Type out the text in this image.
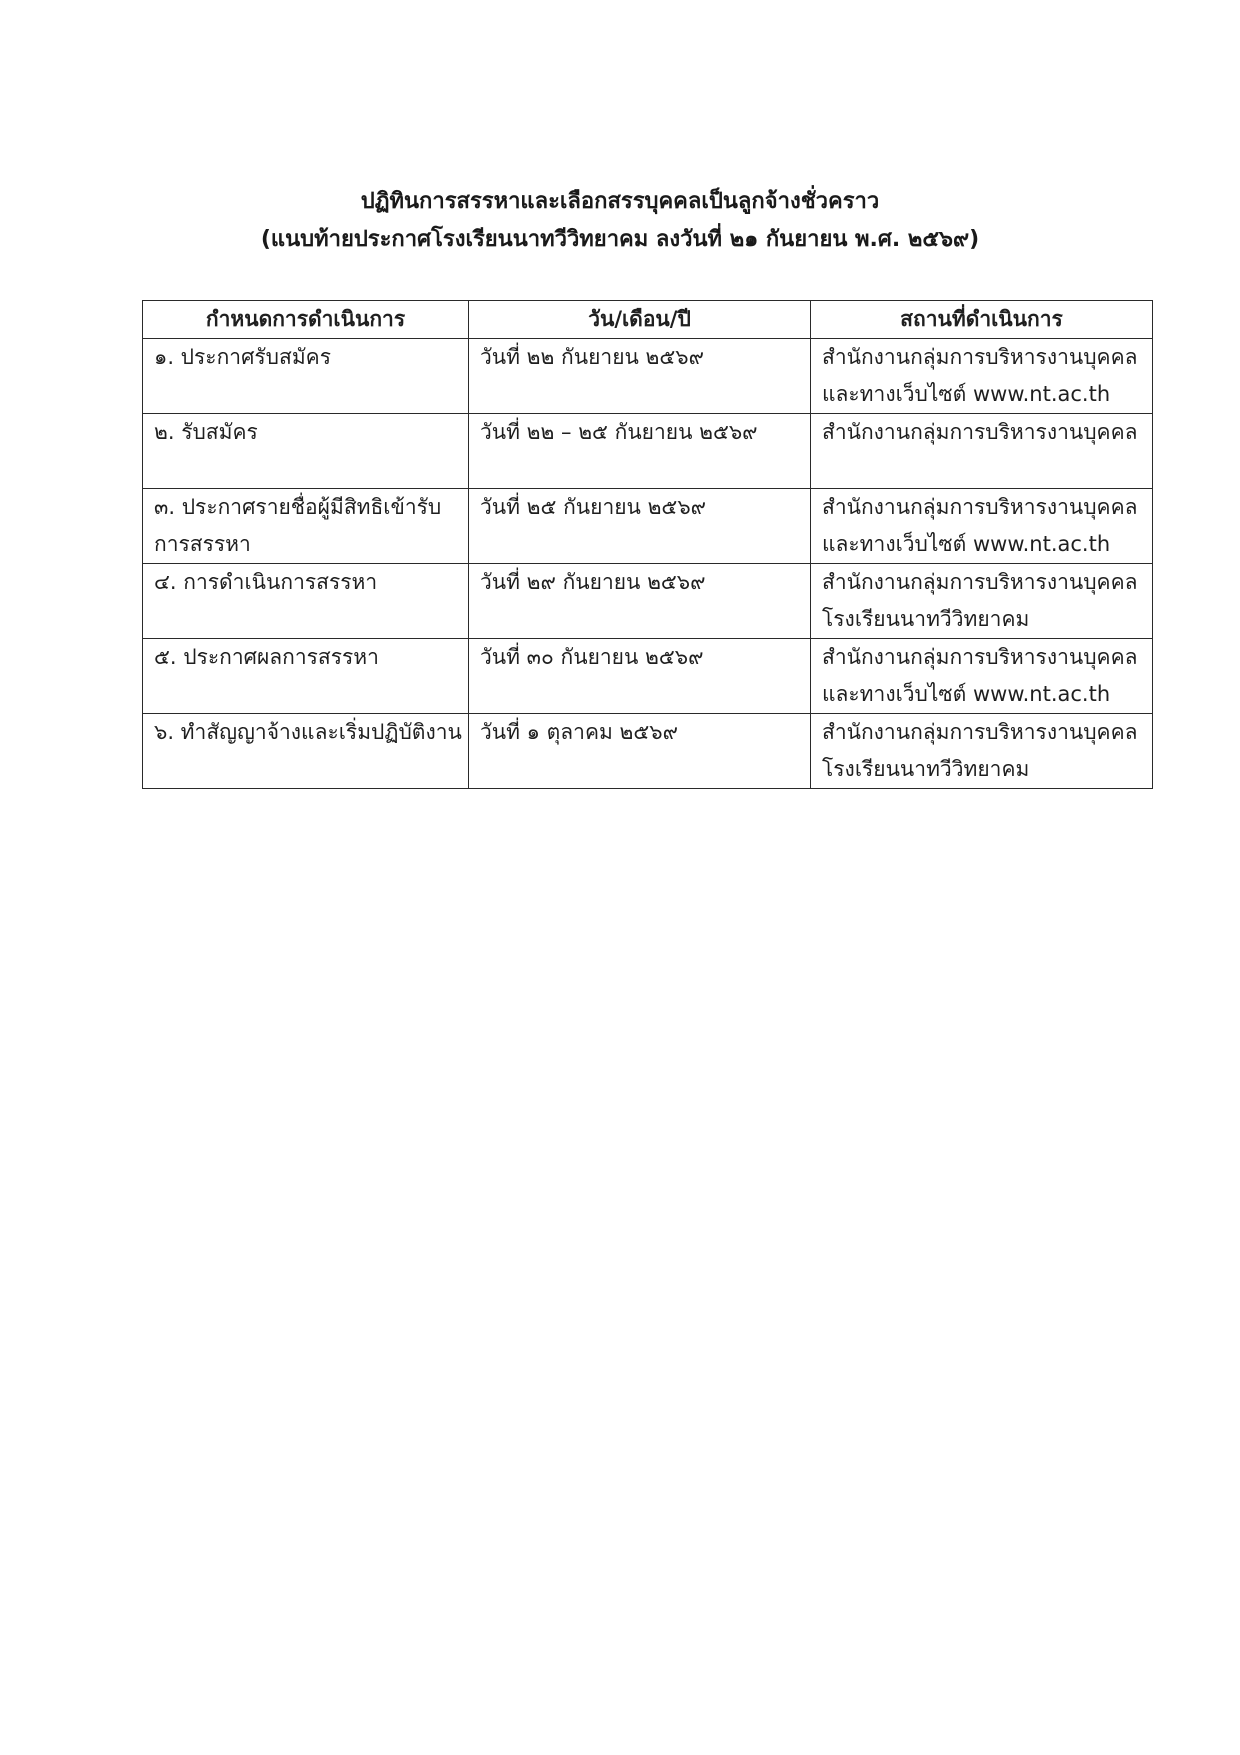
ปฏิทินการสรรหาและเลือกสรรบุคคลเป็นลูกจ้างชั่วคราว
(แนบท้ายประกาศโรงเรียนนาทวีวิทยาคม ลงวันที่ ๒๑ กันยายน พ.ศ. ๒๕๖๙)
กำหนดการดำเนินการ	วัน/เดือน/ปี	สถานที่ดำเนินการ

๑. ประกาศรับสมัคร	วันที่ ๒๒ กันยายน ๒๕๖๙	สำนักงานกลุ่มการบริหารงานบุคคล
และทางเว็บไซต์ www.nt.ac.th

๒. รับสมัคร	วันที่ ๒๒ – ๒๕ กันยายน ๒๕๖๙	สำนักงานกลุ่มการบริหารงานบุคคล

๓. ประกาศรายชื่อผู้มีสิทธิเข้ารับ
การสรรหา	วันที่ ๒๕ กันยายน ๒๕๖๙	สำนักงานกลุ่มการบริหารงานบุคคล
และทางเว็บไซต์ www.nt.ac.th

๔. การดำเนินการสรรหา	วันที่ ๒๙ กันยายน ๒๕๖๙	สำนักงานกลุ่มการบริหารงานบุคคล
โรงเรียนนาทวีวิทยาคม

๕. ประกาศผลการสรรหา	วันที่ ๓๐ กันยายน ๒๕๖๙	สำนักงานกลุ่มการบริหารงานบุคคล
และทางเว็บไซต์ www.nt.ac.th

๖. ทำสัญญาจ้างและเริ่มปฏิบัติงาน	วันที่ ๑ ตุลาคม ๒๕๖๙	สำนักงานกลุ่มการบริหารงานบุคคล
โรงเรียนนาทวีวิทยาคม
